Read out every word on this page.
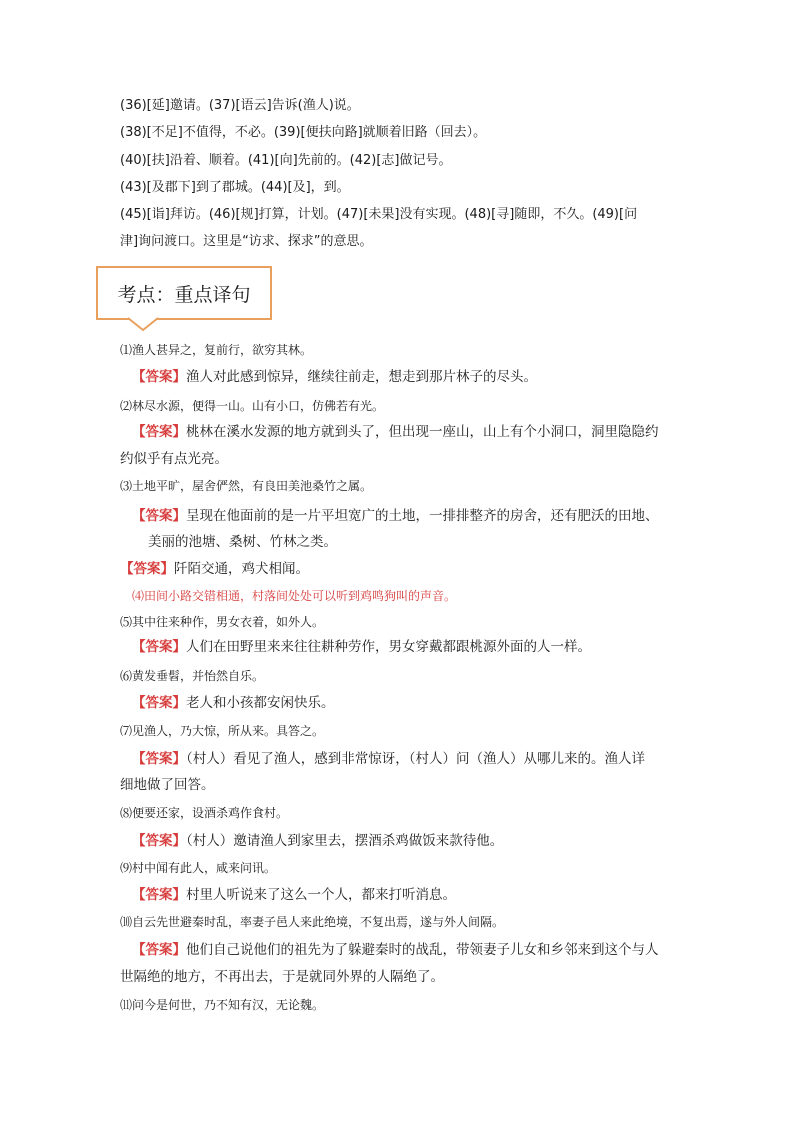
(36)[延]邀请。(37)[语云]告诉(渔人)说。
(38)[不足]不值得，不必。(39)[便扶向路]就顺着旧路（回去）。
(40)[扶]沿着、顺着。(41)[向]先前的。(42)[志]做记号。
(43)[及郡下]到了郡城。(44)[及]，到。
(45)[诣]拜访。(46)[规]打算，计划。(47)[未果]没有实现。(48)[寻]随即，不久。(49)[问
津]询问渡口。这里是“访求、探求”的意思。
考点：重点译句
⑴渔人甚异之，复前行，欲穷其林。
【答案】渔人对此感到惊异，继续往前走，想走到那片林子的尽头。
⑵林尽水源，便得一山。山有小口，仿佛若有光。
【答案】桃林在溪水发源的地方就到头了，但出现一座山，山上有个小洞口，洞里隐隐约
约似乎有点光亮。
⑶土地平旷，屋舍俨然，有良田美池桑竹之属。
【答案】呈现在他面前的是一片平坦宽广的土地，一排排整齐的房舍，还有肥沃的田地、
美丽的池塘、桑树、竹林之类。
【答案】阡陌交通，鸡犬相闻。
⑷田间小路交错相通，村落间处处可以听到鸡鸣狗叫的声音。
⑸其中往来种作，男女衣着，如外人。
【答案】人们在田野里来来往往耕种劳作，男女穿戴都跟桃源外面的人一样。
⑹黄发垂髫，并怡然自乐。
【答案】老人和小孩都安闲快乐。
⑺见渔人，乃大惊，所从来。具答之。
【答案】（村人）看见了渔人，感到非常惊讶，（村人）问（渔人）从哪儿来的。渔人详
细地做了回答。
⑻便要还家，设酒杀鸡作食村。
【答案】（村人）邀请渔人到家里去，摆酒杀鸡做饭来款待他。
⑼村中闻有此人，咸来问讯。
【答案】村里人听说来了这么一个人，都来打听消息。
⑽自云先世避秦时乱，率妻子邑人来此绝境，不复出焉，遂与外人间隔。
【答案】他们自己说他们的祖先为了躲避秦时的战乱，带领妻子儿女和乡邻来到这个与人
世隔绝的地方，不再出去，于是就同外界的人隔绝了。
⑾问今是何世，乃不知有汉，无论魏。
